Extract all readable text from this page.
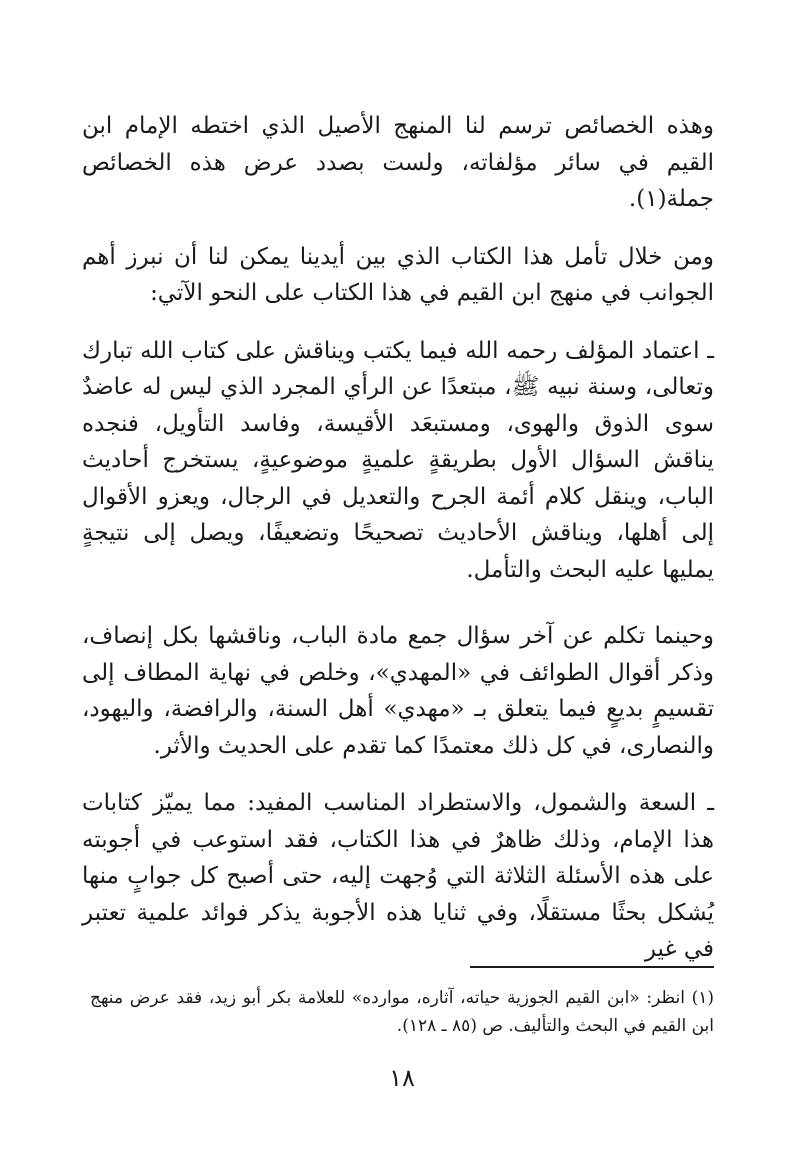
وهذه الخصائص ترسم لنا المنهج الأصيل الذي اختطه الإمام ابن القيم في سائر مؤلفاته، ولست بصدد عرض هذه الخصائص جملة(١).

ومن خلال تأمل هذا الكتاب الذي بين أيدينا يمكن لنا أن نبرز أهم الجوانب في منهج ابن القيم في هذا الكتاب على النحو الآتي:

ـ اعتماد المؤلف رحمه الله فيما يكتب ويناقش على كتاب الله تبارك وتعالى، وسنة نبيه ﷺ، مبتعدًا عن الرأي المجرد الذي ليس له عاضدٌ سوى الذوق والهوى، ومستبعَد الأقيسة، وفاسد التأويل، فنجده يناقش السؤال الأول بطريقةٍ علميةٍ موضوعيةٍ، يستخرج أحاديث الباب، وينقل كلام أئمة الجرح والتعديل في الرجال، ويعزو الأقوال إلى أهلها، ويناقش الأحاديث تصحيحًا وتضعيفًا، ويصل إلى نتيجةٍ يمليها عليه البحث والتأمل.

وحينما تكلم عن آخر سؤال جمع مادة الباب، وناقشها بكل إنصاف، وذكر أقوال الطوائف في «المهدي»، وخلص في نهاية المطاف إلى تقسيمٍ بديعٍ فيما يتعلق بـ «مهدي» أهل السنة، والرافضة، واليهود، والنصارى، في كل ذلك معتمدًا كما تقدم على الحديث والأثر.

ـ السعة والشمول، والاستطراد المناسب المفيد: مما يميّز كتابات هذا الإمام، وذلك ظاهرٌ في هذا الكتاب، فقد استوعب في أجوبته على هذه الأسئلة الثلاثة التي وُجهت إليه، حتى أصبح كل جوابٍ منها يُشكل بحثًا مستقلًا، وفي ثنايا هذه الأجوبة يذكر فوائد علمية تعتبر في غير

(١) انظر: «ابن القيم الجوزية حياته، آثاره، موارده» للعلامة بكر أبو زيد، فقد عرض منهج ابن القيم في البحث والتأليف. ص (٨٥ ـ ١٢٨).

١٨
